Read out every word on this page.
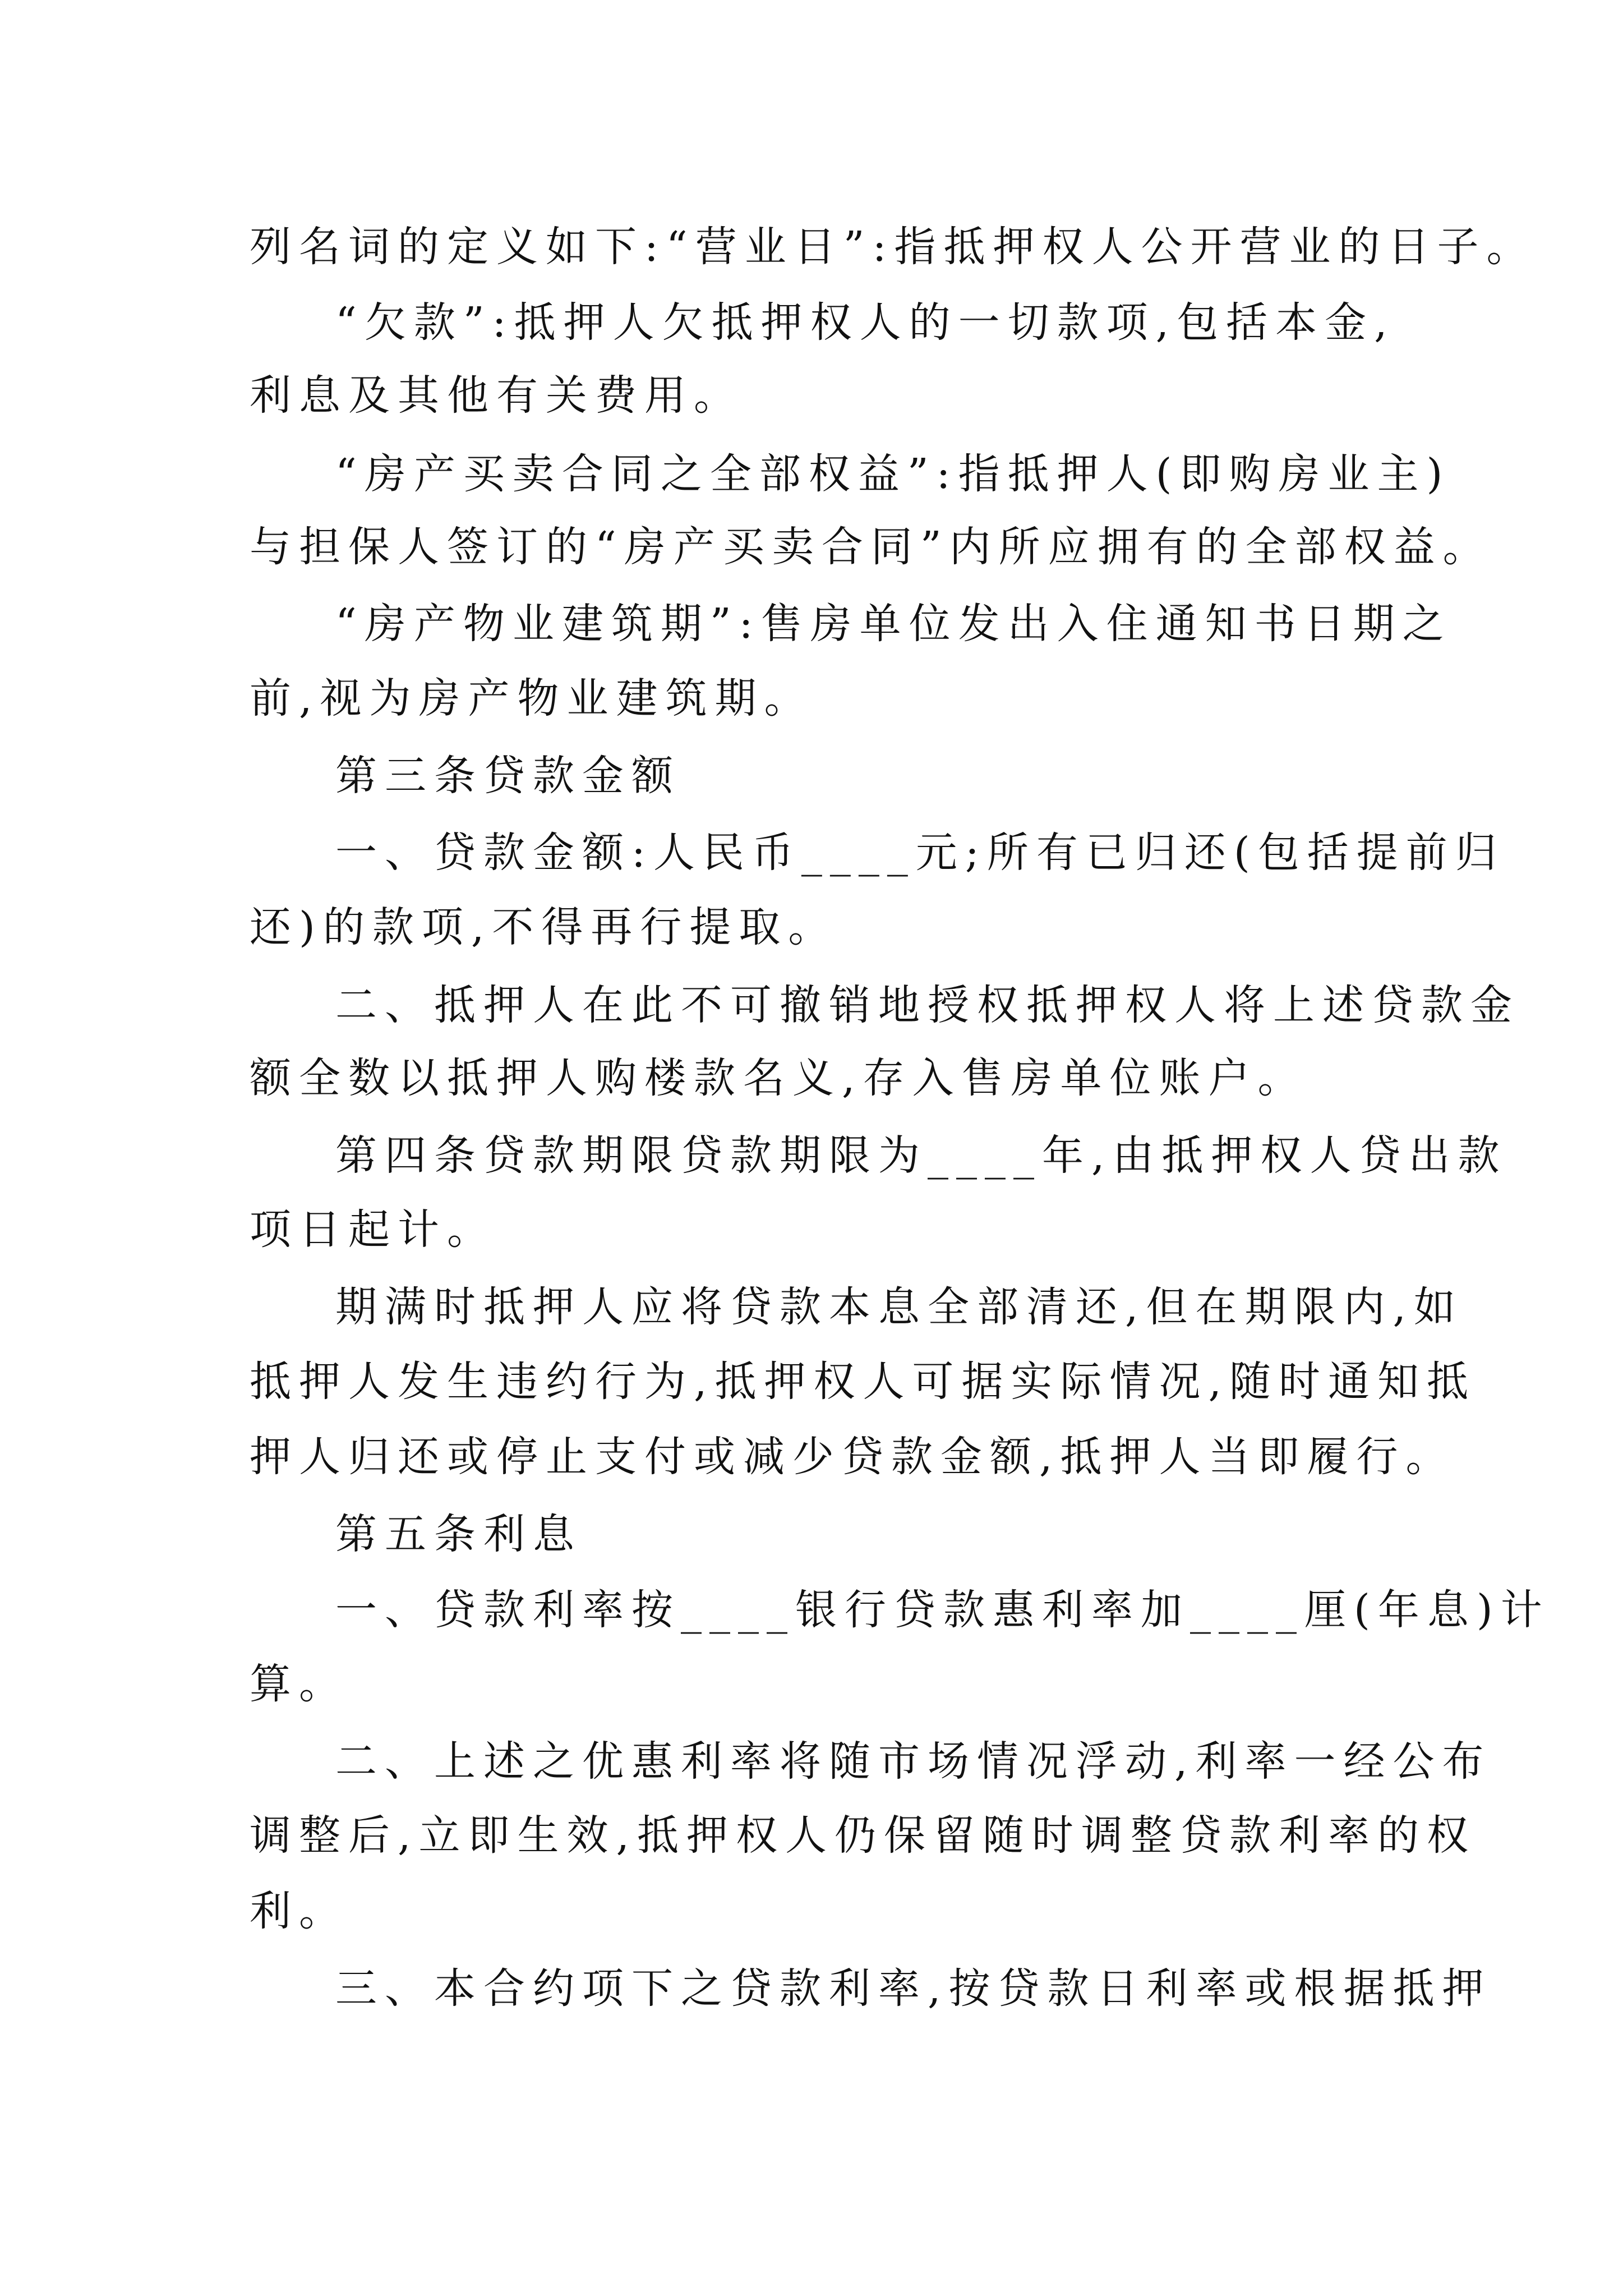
列名词的定义如下:“营业日”:指抵押权人公开营业的日子。
“欠款”:抵押人欠抵押权人的一切款项,包括本金,
利息及其他有关费用。
“房产买卖合同之全部权益”:指抵押人(即购房业主)
与担保人签订的“房产买卖合同”内所应拥有的全部权益。
“房产物业建筑期”:售房单位发出入住通知书日期之
前,视为房产物业建筑期。
第三条贷款金额
一、贷款金额:人民币____元;所有已归还(包括提前归
还)的款项,不得再行提取。
二、抵押人在此不可撤销地授权抵押权人将上述贷款金
额全数以抵押人购楼款名义,存入售房单位账户。
第四条贷款期限贷款期限为____年,由抵押权人贷出款
项日起计。
期满时抵押人应将贷款本息全部清还,但在期限内,如
抵押人发生违约行为,抵押权人可据实际情况,随时通知抵
押人归还或停止支付或减少贷款金额,抵押人当即履行。
第五条利息
一、贷款利率按____银行贷款惠利率加____厘(年息)计
算。
二、上述之优惠利率将随市场情况浮动,利率一经公布
调整后,立即生效,抵押权人仍保留随时调整贷款利率的权
利。
三、本合约项下之贷款利率,按贷款日利率或根据抵押
